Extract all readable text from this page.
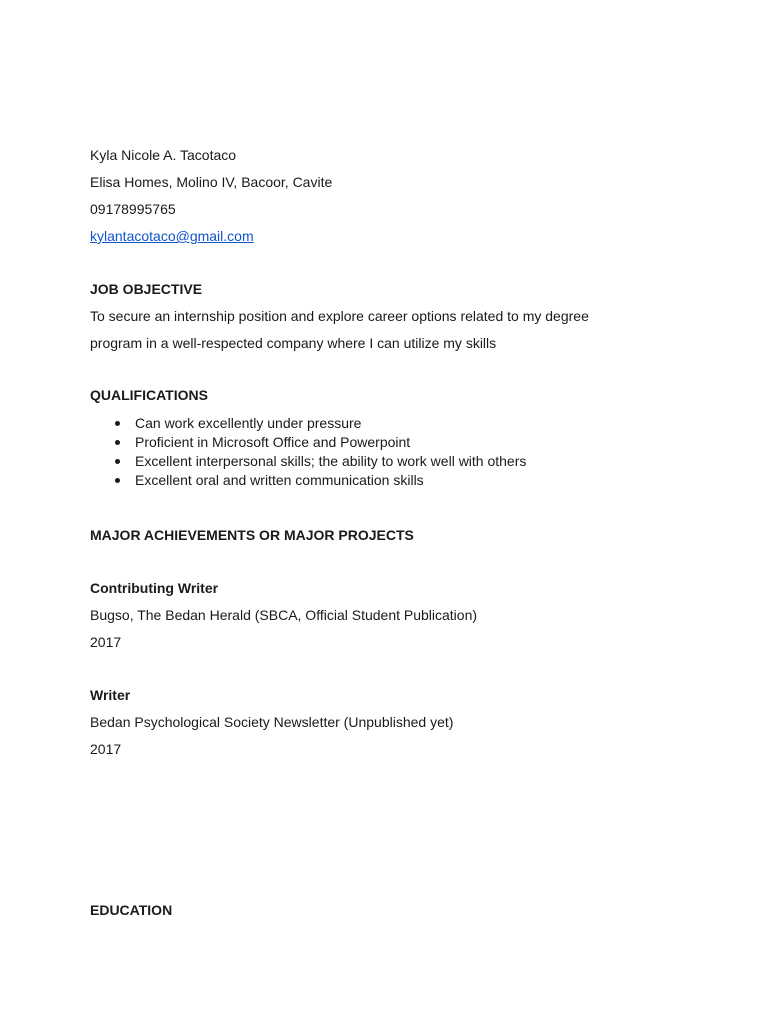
Kyla Nicole A. Tacotaco
Elisa Homes, Molino IV, Bacoor, Cavite
09178995765
kylantacotaco@gmail.com
JOB OBJECTIVE
To secure an internship position and explore career options related to my degree
program in a well-respected company where I can utilize my skills
QUALIFICATIONS
Can work excellently under pressure
Proficient in Microsoft Office and Powerpoint
Excellent interpersonal skills; the ability to work well with others
Excellent oral and written communication skills
MAJOR ACHIEVEMENTS OR MAJOR PROJECTS
Contributing Writer
Bugso, The Bedan Herald (SBCA, Official Student Publication)
2017
Writer
Bedan Psychological Society Newsletter (Unpublished yet)
2017
EDUCATION
